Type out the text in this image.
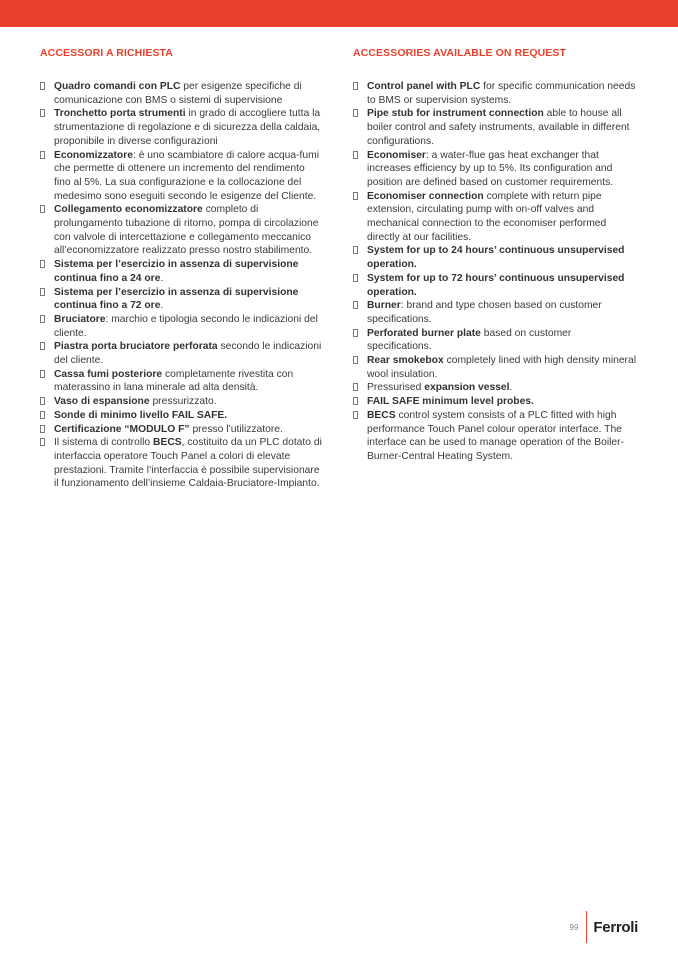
ACCESSORI A RICHIESTA
Quadro comandi con PLC per esigenze specifiche di comunicazione con BMS o sistemi di supervisione
Tronchetto porta strumenti in grado di accogliere tutta la strumentazione di regolazione e di sicurezza della caldaia, proponibile in diverse configurazioni
Economizzatore: è uno scambiatore di calore acqua-fumi che permette di ottenere un incremento del rendimento fino al 5%. La sua configurazione e la collocazione del medesimo sono eseguiti secondo le esigenze del Cliente.
Collegamento economizzatore completo di prolungamento tubazione di ritorno, pompa di circolazione con valvole di intercettazione e collegamento meccanico all’economizzatore realizzato presso nostro stabilimento.
Sistema per l’esercizio in assenza di supervisione continua fino a 24 ore.
Sistema per l’esercizio in assenza di supervisione continua fino a 72 ore.
Bruciatore: marchio e tipologia secondo le indicazioni del cliente.
Piastra porta bruciatore perforata secondo le indicazioni del cliente.
Cassa fumi posteriore completamente rivestita con materassino in lana minerale ad alta densità.
Vaso di espansione pressurizzato.
Sonde di minimo livello FAIL SAFE.
Certificazione “MODULO F” presso l’utilizzatore.
Il sistema di controllo BECS, costituito da un PLC dotato di interfaccia operatore Touch Panel a colori di elevate prestazioni. Tramite l’interfaccia è possibile supervisionare il funzionamento dell’insieme Caldaia-Bruciatore-Impianto.
ACCESSORIES AVAILABLE ON REQUEST
Control panel with PLC for specific communication needs to BMS or supervision systems.
Pipe stub for instrument connection able to house all boiler control and safety instruments, available in different configurations.
Economiser: a water-flue gas heat exchanger that increases efficiency by up to 5%. Its configuration and position are defined based on customer requirements.
Economiser connection complete with return pipe extension, circulating pump with on-off valves and mechanical connection to the economiser performed directly at our facilities.
System for up to 24 hours’ continuous unsupervised operation.
System for up to 72 hours’ continuous unsupervised operation.
Burner: brand and type chosen based on customer specifications.
Perforated burner plate based on customer specifications.
Rear smokebox completely lined with high density mineral wool insulation.
Pressurised expansion vessel.
FAIL SAFE minimum level probes.
BECS control system consists of a PLC fitted with high performance Touch Panel colour operator interface. The interface can be used to manage operation of the Boiler-Burner-Central Heating System.
99 Ferroli
